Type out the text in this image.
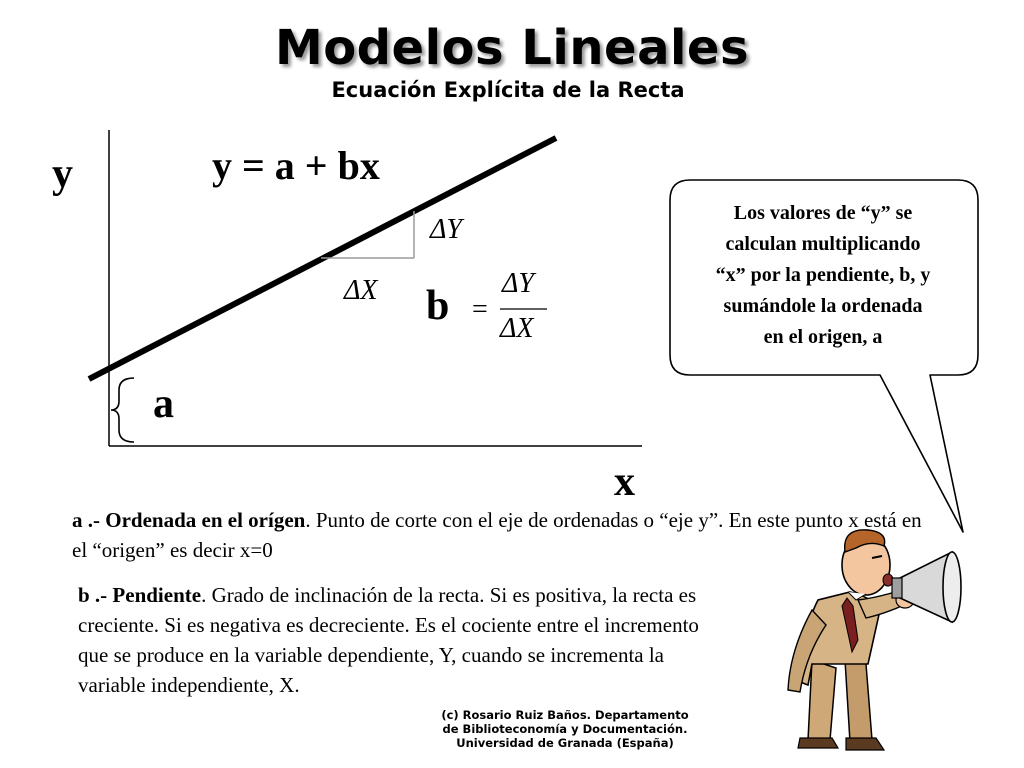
Modelos Lineales
Ecuación Explícita de la Recta
y = a + bx
y
x
a
b
ΔY
ΔX
=
ΔY
ΔX
Los valores de “y” se
calculan multiplicando
“x” por la pendiente, b, y
sumándole la ordenada
en el origen, a
a .- Ordenada en el orígen. Punto de corte con el eje de ordenadas o “eje y”. En este punto x está en el “origen” es decir x=0
b .- Pendiente. Grado de inclinación de la recta. Si es positiva, la recta es creciente. Si es negativa es decreciente. Es el cociente entre el incremento que se produce en la variable dependiente, Y, cuando se incrementa la variable independiente, X.
(c) Rosario Ruiz Baños. Departamento
de Biblioteconomía y Documentación.
Universidad de Granada (España)
